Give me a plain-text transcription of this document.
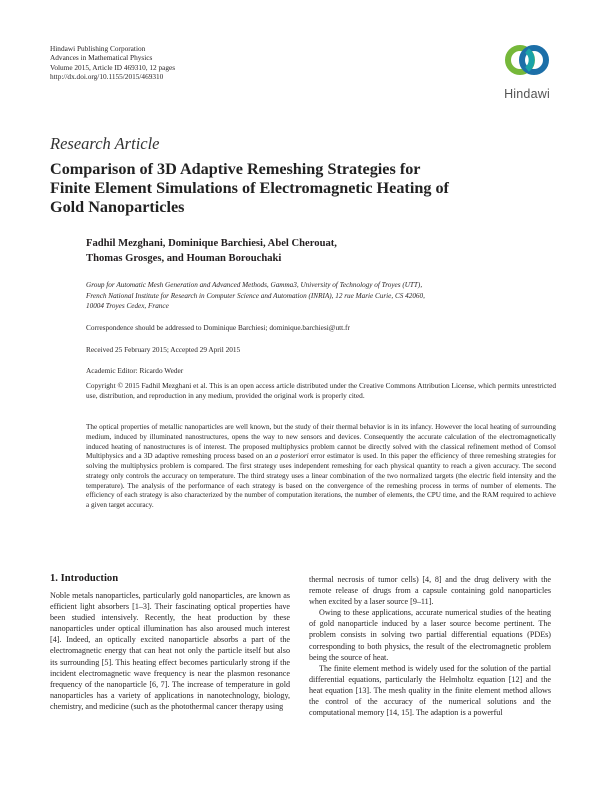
Hindawi Publishing Corporation
Advances in Mathematical Physics
Volume 2015, Article ID 469310, 12 pages
http://dx.doi.org/10.1155/2015/469310
Hindawi
Research Article
Comparison of 3D Adaptive Remeshing Strategies for
Finite Element Simulations of Electromagnetic Heating of
Gold Nanoparticles
Fadhil Mezghani, Dominique Barchiesi, Abel Cherouat,
Thomas Grosges, and Houman Borouchaki
Group for Automatic Mesh Generation and Advanced Methods, Gamma3, University of Technology of Troyes (UTT),
French National Institute for Research in Computer Science and Automation (INRIA), 12 rue Marie Curie, CS 42060,
10004 Troyes Cedex, France
Correspondence should be addressed to Dominique Barchiesi; dominique.barchiesi@utt.fr
Received 25 February 2015; Accepted 29 April 2015
Academic Editor: Ricardo Weder
Copyright © 2015 Fadhil Mezghani et al. This is an open access article distributed under the Creative Commons Attribution License, which permits unrestricted use, distribution, and reproduction in any medium, provided the original work is properly cited.
The optical properties of metallic nanoparticles are well known, but the study of their thermal behavior is in its infancy. However the local heating of surrounding medium, induced by illuminated nanostructures, opens the way to new sensors and devices. Consequently the accurate calculation of the electromagnetically induced heating of nanostructures is of interest. The proposed multiphysics problem cannot be directly solved with the classical refinement method of Comsol Multiphysics and a 3D adaptive remeshing process based on an a posteriori error estimator is used. In this paper the efficiency of three remeshing strategies for solving the multiphysics problem is compared. The first strategy uses independent remeshing for each physical quantity to reach a given accuracy. The second strategy only controls the accuracy on temperature. The third strategy uses a linear combination of the two normalized targets (the electric field intensity and the temperature). The analysis of the performance of each strategy is based on the convergence of the remeshing process in terms of number of elements. The efficiency of each strategy is also characterized by the number of computation iterations, the number of elements, the CPU time, and the RAM required to achieve a given target accuracy.
1. Introduction

Noble metals nanoparticles, particularly gold nanoparticles, are known as efficient light absorbers [1–3]. Their fascinating optical properties have been studied intensively. Recently, the heat production by these nanoparticles under optical illumination has also aroused much interest [4]. Indeed, an optically excited nanoparticle absorbs a part of the electromagnetic energy that can heat not only the particle itself but also its surrounding [5]. This heating effect becomes particularly strong if the incident electromagnetic wave frequency is near the plasmon resonance frequency of the nanoparticle [6, 7]. The increase of temperature in gold nanoparticles has a variety of applications in nanotechnology, biology, chemistry, and medicine (such as the photothermal cancer therapy using

thermal necrosis of tumor cells) [4, 8] and the drug delivery with the remote release of drugs from a capsule containing gold nanoparticles when excited by a laser source [9–11].

Owing to these applications, accurate numerical studies of the heating of gold nanoparticle induced by a laser source become pertinent. The problem consists in solving two partial differential equations (PDEs) corresponding to both physics, the result of the electromagnetic problem being the source of heat.

The finite element method is widely used for the solution of the partial differential equations, particularly the Helmholtz equation [12] and the heat equation [13]. The mesh quality in the finite element method allows the control of the accuracy of the numerical solutions and the computational memory [14, 15]. The adaption is a powerful
